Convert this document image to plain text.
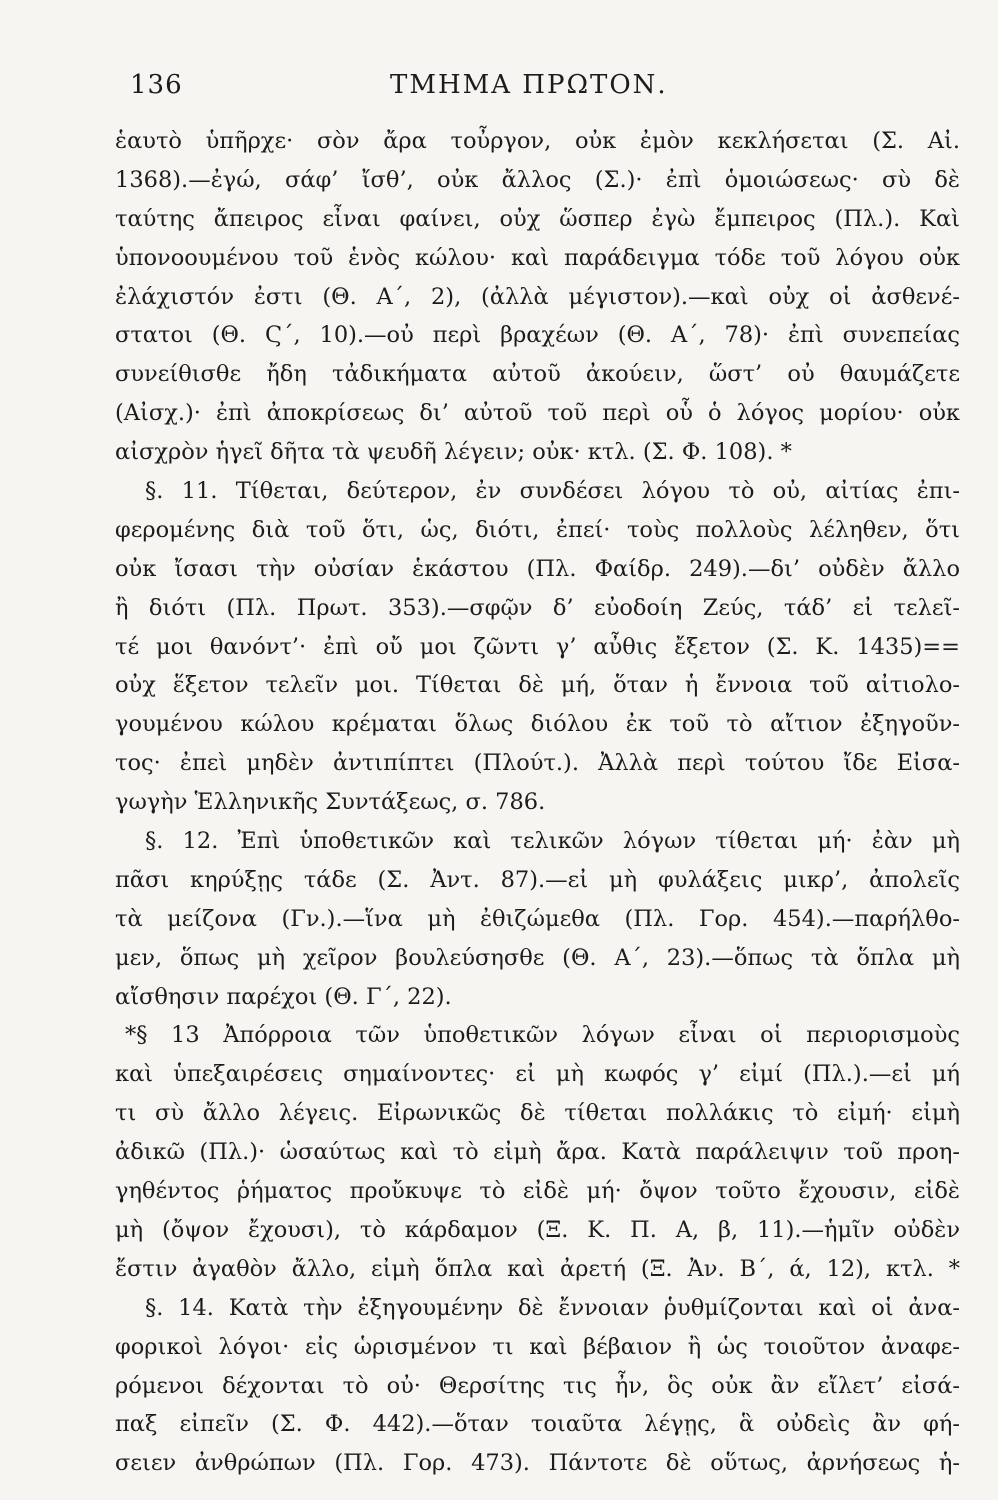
136	ΤΜΗΜΑ ΠΡΩΤΟΝ.
ἑαυτὸ ὑπῆρχε· σὸν ἄρα τοὖργον, οὐκ ἐμὸν κεκλήσεται (Σ. Αἰ.
1368).—ἐγώ, σάφ’ ἴσθ’, οὐκ ἄλλος (Σ.)· ἐπὶ ὁμοιώσεως· σὺ δὲ
ταύτης ἄπειρος εἶναι φαίνει, οὐχ ὥσπερ ἐγὼ ἔμπειρος (Πλ.). Καὶ
ὑπονοουμένου τοῦ ἑνὸς κώλου· καὶ παράδειγμα τόδε τοῦ λόγου οὐκ
ἐλάχιστόν ἐστι (Θ. Α΄, 2), (ἀλλὰ μέγιστον).—καὶ οὐχ οἱ ἀσθενέ-
στατοι (Θ. Ϛ΄, 10).—οὐ περὶ βραχέων (Θ. Α΄, 78)· ἐπὶ συνεπείας
συνείθισθε ἤδη τἀδικήματα αὐτοῦ ἀκούειν, ὥστ’ οὐ θαυμάζετε
(Αἰσχ.)· ἐπὶ ἀποκρίσεως δι’ αὐτοῦ τοῦ περὶ οὗ ὁ λόγος μορίου· οὐκ
αἰσχρὸν ἡγεῖ δῆτα τὰ ψευδῆ λέγειν; οὐκ· κτλ. (Σ. Φ. 108). *
§. 11. Τίθεται, δεύτερον, ἐν συνδέσει λόγου τὸ οὐ, αἰτίας ἐπι-
φερομένης διὰ τοῦ ὅτι, ὡς, διότι, ἐπεί· τοὺς πολλοὺς λέληθεν, ὅτι
οὐκ ἴσασι τὴν οὐσίαν ἑκάστου (Πλ. Φαίδρ. 249).—δι’ οὐδὲν ἄλλο
ἢ διότι (Πλ. Πρωτ. 353).—σφῷν δ’ εὐοδοίη Ζεύς, τάδ’ εἰ τελεῖ-
τέ μοι θανόντ’· ἐπὶ οὔ μοι ζῶντι γ’ αὖθις ἔξετον (Σ. Κ. 1435)==
οὐχ ἕξετον τελεῖν μοι. Τίθεται δὲ μή, ὅταν ἡ ἔννοια τοῦ αἰτιολο-
γουμένου κώλου κρέμαται ὅλως διόλου ἐκ τοῦ τὸ αἴτιον ἐξηγοῦν-
τος· ἐπεὶ μηδὲν ἀντιπίπτει (Πλούτ.). Ἀλλὰ περὶ τούτου ἴδε Εἰσα-
γωγὴν Ἑλληνικῆς Συντάξεως, σ. 786.
§. 12. Ἐπὶ ὑποθετικῶν καὶ τελικῶν λόγων τίθεται μή· ἐὰν μὴ
πᾶσι κηρύξῃς τάδε (Σ. Ἀντ. 87).—εἰ μὴ φυλάξεις μικρ’, ἀπολεῖς
τὰ μείζονα (Γν.).—ἵνα μὴ ἐθιζώμεθα (Πλ. Γορ. 454).—παρήλθο-
μεν, ὅπως μὴ χεῖρον βουλεύσησθε (Θ. Α΄, 23).—ὅπως τὰ ὅπλα μὴ
αἴσθησιν παρέχοι (Θ. Γ΄, 22).
*§ 13 Ἀπόρροια τῶν ὑποθετικῶν λόγων εἶναι οἱ περιορισμοὺς
καὶ ὑπεξαιρέσεις σημαίνοντες· εἰ μὴ κωφός γ’ εἰμί (Πλ.).—εἰ μή
τι σὺ ἄλλο λέγεις. Εἰρωνικῶς δὲ τίθεται πολλάκις τὸ εἰμή· εἰμὴ
ἀδικῶ (Πλ.)· ὡσαύτως καὶ τὸ εἰμὴ ἄρα. Κατὰ παράλειψιν τοῦ προη-
γηθέντος ῥήματος προὔκυψε τὸ εἰδὲ μή· ὄψον τοῦτο ἔχουσιν, εἰδὲ
μὴ (ὄψον ἔχουσι), τὸ κάρδαμον (Ξ. Κ. Π. Α, β, 11).—ἡμῖν οὐδὲν
ἔστιν ἀγαθὸν ἄλλο, εἰμὴ ὅπλα καὶ ἀρετή (Ξ. Ἀν. Β΄, ά, 12), κτλ. *
§. 14. Κατὰ τὴν ἐξηγουμένην δὲ ἔννοιαν ῥυθμίζονται καὶ οἱ ἀνα-
φορικοὶ λόγοι· εἰς ὡρισμένον τι καὶ βέβαιον ἢ ὡς τοιοῦτον ἀναφε-
ρόμενοι δέχονται τὸ οὐ· Θερσίτης τις ἦν, ὃς οὐκ ἂν εἴλετ’ εἰσά-
παξ εἰπεῖν (Σ. Φ. 442).—ὅταν τοιαῦτα λέγῃς, ἃ οὐδεὶς ἂν φή-
σειεν ἀνθρώπων (Πλ. Γορ. 473). Πάντοτε δὲ οὕτως, ἀρνήσεως ἡ-
